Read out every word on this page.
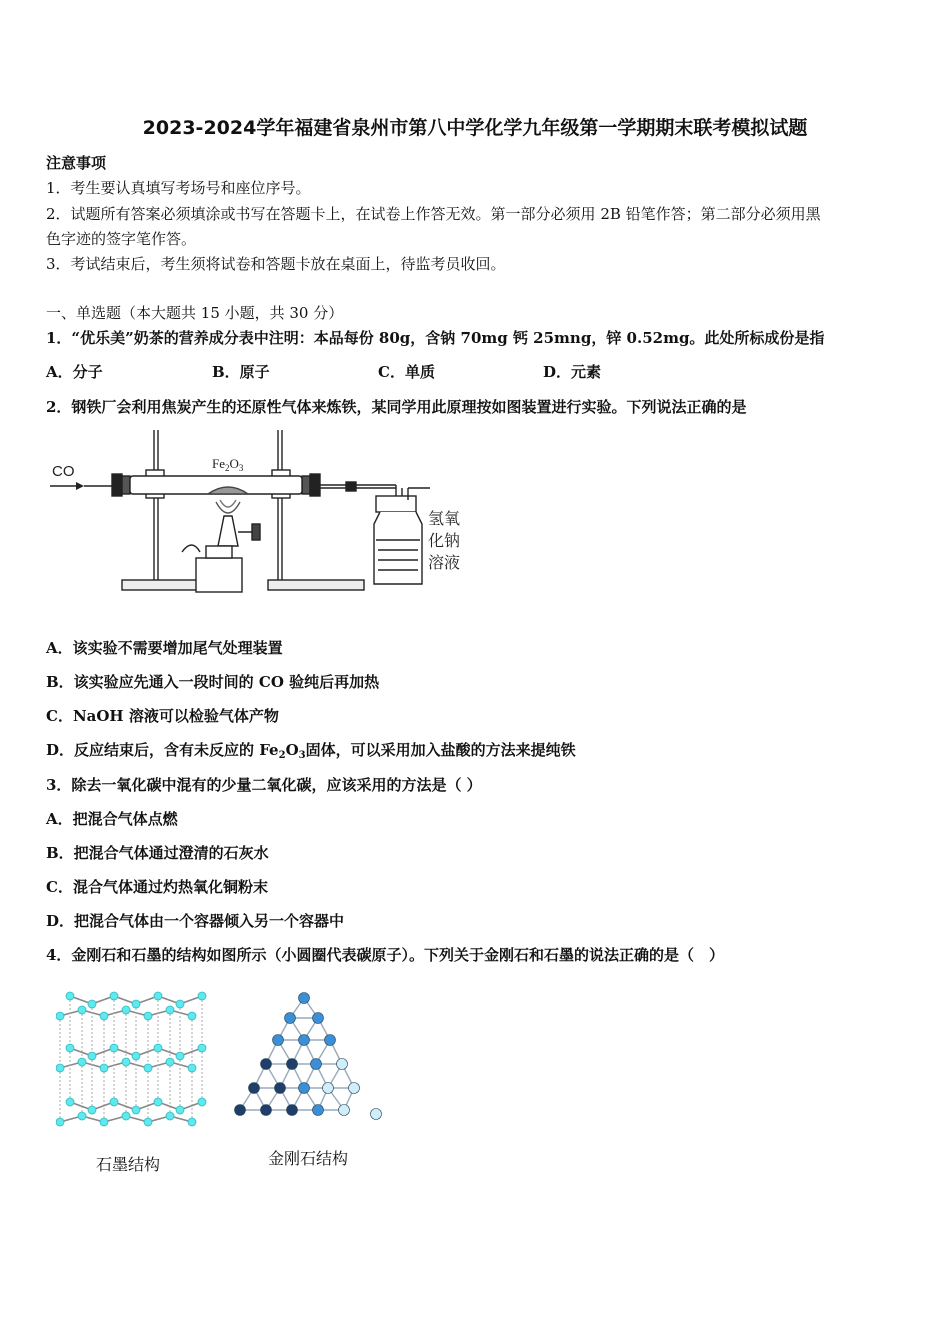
2023-2024学年福建省泉州市第八中学化学九年级第一学期期末联考模拟试题
注意事项
1．考生要认真填写考场号和座位序号。
2．试题所有答案必须填涂或书写在答题卡上，在试卷上作答无效。第一部分必须用 2B 铅笔作答；第二部分必须用黑
色字迹的签字笔作答。
3．考试结束后，考生须将试卷和答题卡放在桌面上，待监考员收回。
一、单选题（本大题共 15 小题，共 30 分）
1．“优乐美”奶茶的营养成分表中注明：本品每份 80g，含钠 70mg 钙 25mng，锌 0.52mg。此处所标成份是指
A．分子	B．原子	C．单质	D．元素
2．钢铁厂会利用焦炭产生的还原性气体来炼铁，某同学用此原理按如图装置进行实验。下列说法正确的是
CO	$Fe_2O_3$
氢氧
化钠
溶液
A．该实验不需要增加尾气处理装置
B．该实验应先通入一段时间的 CO 验纯后再加热
C．NaOH 溶液可以检验气体产物
D．反应结束后，含有未反应的 $Fe_2O_3$固体，可以采用加入盐酸的方法来提纯铁
3．除去一氧化碳中混有的少量二氧化碳，应该采用的方法是（ ）
A．把混合气体点燃
B．把混合气体通过澄清的石灰水
C．混合气体通过灼热氧化铜粉末
D．把混合气体由一个容器倾入另一个容器中
4．金刚石和石墨的结构如图所示（小圆圈代表碳原子）。下列关于金刚石和石墨的说法正确的是（　）
石墨结构	金刚石结构
